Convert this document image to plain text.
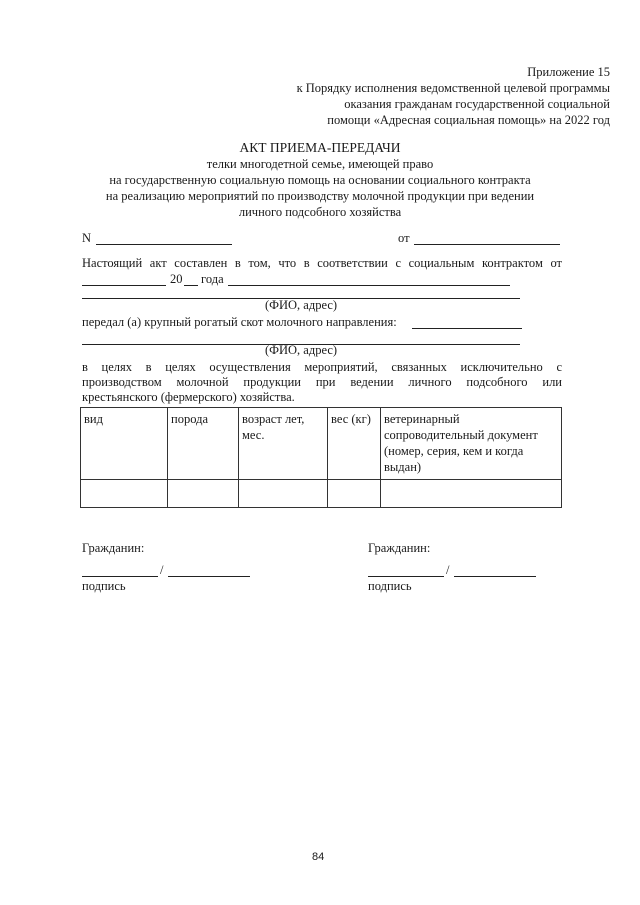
Приложение 15
к Порядку исполнения ведомственной целевой программы
оказания гражданам государственной социальной
помощи «Адресная социальная помощь» на 2022 год
АКТ ПРИЕМА-ПЕРЕДАЧИ
телки многодетной семье, имеющей право
на государственную социальную помощь на основании социального контракта
на реализацию мероприятий по производству молочной продукции при ведении
личного подсобного хозяйства
N	от
Настоящий акт составлен в том, что в соответствии с социальным контрактом от
20 года
(ФИО, адрес)
передал (а) крупный рогатый скот молочного направления:
(ФИО, адрес)
в целях в целях осуществления мероприятий, связанных исключительно с
производством молочной продукции при ведении личного подсобного или
крестьянского (фермерского) хозяйства.
вид	порода	возраст лет, мес.	вес (кг)	ветеринарный сопроводительный документ (номер, серия, кем и когда выдан)

Гражданин:
/
подпись
Гражданин:
/
подпись
84
